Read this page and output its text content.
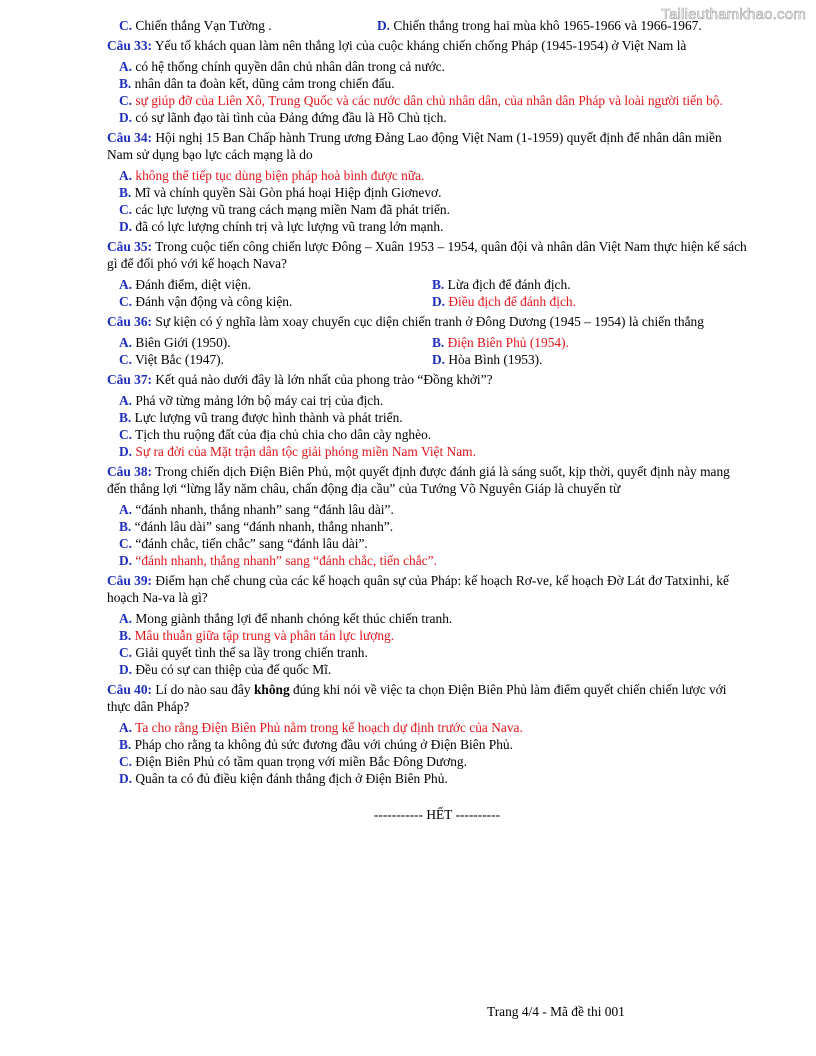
Tailieuthamkhao.com
C. Chiến thắng Vạn Tường .	D. Chiến thắng trong hai mùa khô 1965-1966 và 1966-1967.
Câu 33: Yếu tố khách quan làm nên thắng lợi của cuộc kháng chiến chống Pháp (1945-1954) ở Việt Nam là
A. có hệ thống chính quyền dân chủ nhân dân trong cả nước.
B. nhân dân ta đoàn kết, dũng cảm trong chiến đấu.
C. sự giúp đỡ của Liên Xô, Trung Quốc và các nước dân chủ nhân dân, của nhân dân Pháp và loài người tiến bộ.
D. có sự lãnh đạo tài tình của Đảng đứng đầu là Hồ Chủ tịch.
Câu 34: Hội nghị 15 Ban Chấp hành Trung ương Đảng Lao động Việt Nam (1-1959) quyết định để nhân dân miền Nam sử dụng bạo lực cách mạng là do
A. không thể tiếp tục dùng biện pháp hoà bình được nữa.
B. Mĩ và chính quyền Sài Gòn phá hoại Hiệp định Giơnevơ.
C. các lực lượng vũ trang cách mạng miền Nam đã phát triển.
D. đã có lực lượng chính trị và lực lượng vũ trang lớn mạnh.
Câu 35: Trong cuộc tiến công chiến lược Đông – Xuân 1953 – 1954, quân đội và nhân dân Việt Nam thực hiện kế sách gì để đối phó với kế hoạch Nava?
A. Đánh điểm, diệt viện.	B. Lừa địch để đánh địch.
C. Đánh vận động và công kiện.	D. Điều địch để đánh địch.
Câu 36: Sự kiện có ý nghĩa làm xoay chuyển cục diện chiến tranh ở Đông Dương (1945 – 1954) là chiến thắng
A. Biên Giới (1950).	B. Điện Biên Phủ (1954).
C. Việt Bắc (1947).	D. Hòa Bình (1953).
Câu 37: Kết quả nào dưới đây là lớn nhất của phong trào “Đồng khởi”?
A. Phá vỡ từng mảng lớn bộ máy cai trị của địch.
B. Lực lượng vũ trang được hình thành và phát triển.
C. Tịch thu ruộng đất của địa chủ chia cho dân cày nghèo.
D. Sự ra đời của Mặt trận dân tộc giải phóng miền Nam Việt Nam.
Câu 38: Trong chiến dịch Điện Biên Phủ, một quyết định được đánh giá là sáng suốt, kịp thời, quyết định này mang đến thắng lợi “lừng lẫy năm châu, chấn động địa cầu” của Tướng Võ Nguyên Giáp là chuyển từ
A. “đánh nhanh, thắng nhanh” sang “đánh lâu dài”.
B. “đánh lâu dài” sang “đánh nhanh, thắng nhanh”.
C. “đánh chắc, tiến chắc” sang “đánh lâu dài”.
D. “đánh nhanh, thắng nhanh” sang “đánh chắc, tiến chắc”.
Câu 39: Điểm hạn chế chung của các kế hoạch quân sự của Pháp: kế hoạch Rơ-ve, kế hoạch Đờ Lát đơ Tatxinhi, kế hoạch Na-va là gì?
A. Mong giành thắng lợi để nhanh chóng kết thúc chiến tranh.
B. Mâu thuẫn giữa tập trung và phân tán lực lượng.
C. Giải quyết tình thế sa lầy trong chiến tranh.
D. Đều có sự can thiệp của đế quốc Mĩ.
Câu 40: Lí do nào sau đây không đúng khi nói về việc ta chọn Điện Biên Phủ làm điểm quyết chiến chiến lược với thực dân Pháp?
A. Ta cho rằng Điện Biên Phủ nằm trong kế hoạch dự định trước của Nava.
B. Pháp cho rằng ta không đủ sức đương đầu với chúng ở Điện Biên Phủ.
C. Điện Biên Phủ có tầm quan trọng với miền Bắc Đông Dương.
D. Quân ta có đủ điều kiện đánh thắng địch ở Điện Biên Phủ.
----------- HẾT ----------
Trang 4/4 - Mã đề thi 001
